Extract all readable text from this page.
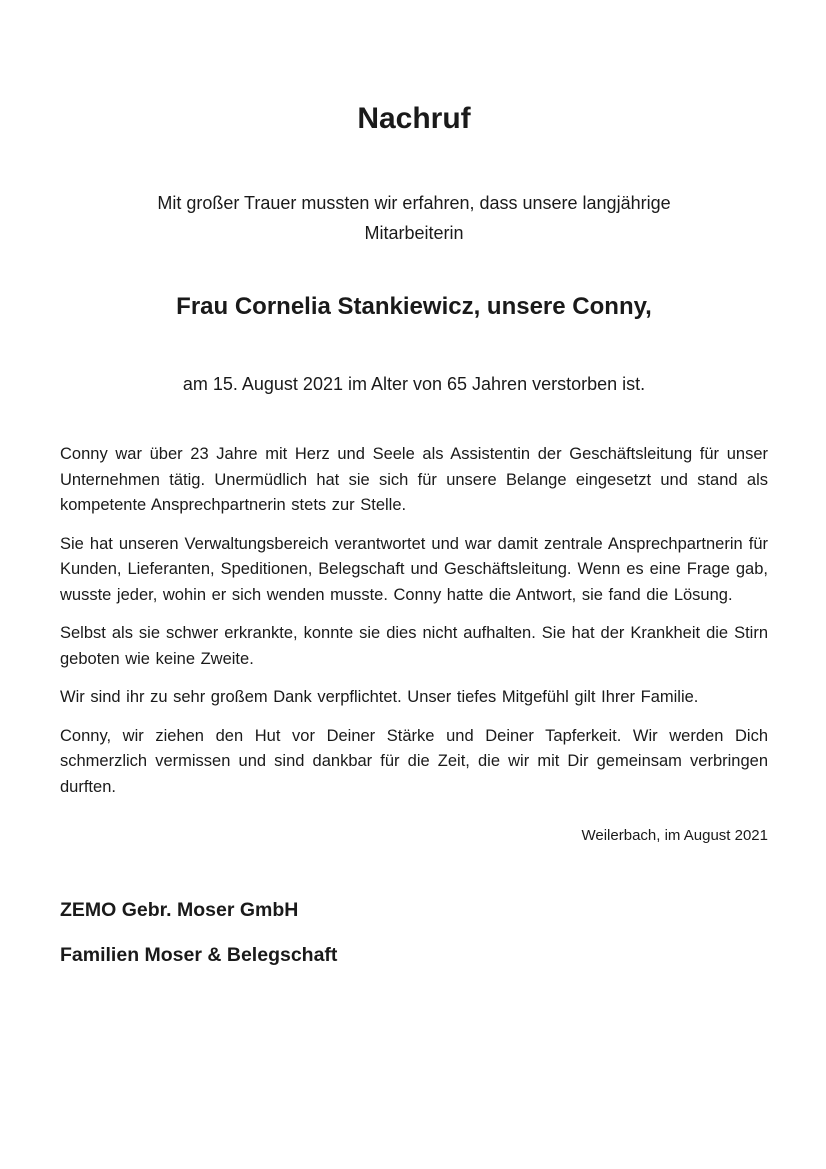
Nachruf
Mit großer Trauer mussten wir erfahren, dass unsere langjährige
Mitarbeiterin
Frau Cornelia Stankiewicz, unsere Conny,
am 15. August 2021 im Alter von 65 Jahren verstorben ist.

Conny war über 23 Jahre mit Herz und Seele als Assistentin der Geschäftsleitung für unser Unternehmen tätig. Unermüdlich hat sie sich für unsere Belange eingesetzt und stand als kompetente Ansprechpartnerin stets zur Stelle.

Sie hat unseren Verwaltungsbereich verantwortet und war damit zentrale Ansprechpartnerin für Kunden, Lieferanten, Speditionen, Belegschaft und Geschäftsleitung. Wenn es eine Frage gab, wusste jeder, wohin er sich wenden musste. Conny hatte die Antwort, sie fand die Lösung.

Selbst als sie schwer erkrankte, konnte sie dies nicht aufhalten. Sie hat der Krankheit die Stirn geboten wie keine Zweite.

Wir sind ihr zu sehr großem Dank verpflichtet. Unser tiefes Mitgefühl gilt Ihrer Familie.

Conny, wir ziehen den Hut vor Deiner Stärke und Deiner Tapferkeit. Wir werden Dich schmerzlich vermissen und sind dankbar für die Zeit, die wir mit Dir gemeinsam verbringen durften.

Weilerbach, im August 2021

ZEMO Gebr. Moser GmbH

Familien Moser & Belegschaft
